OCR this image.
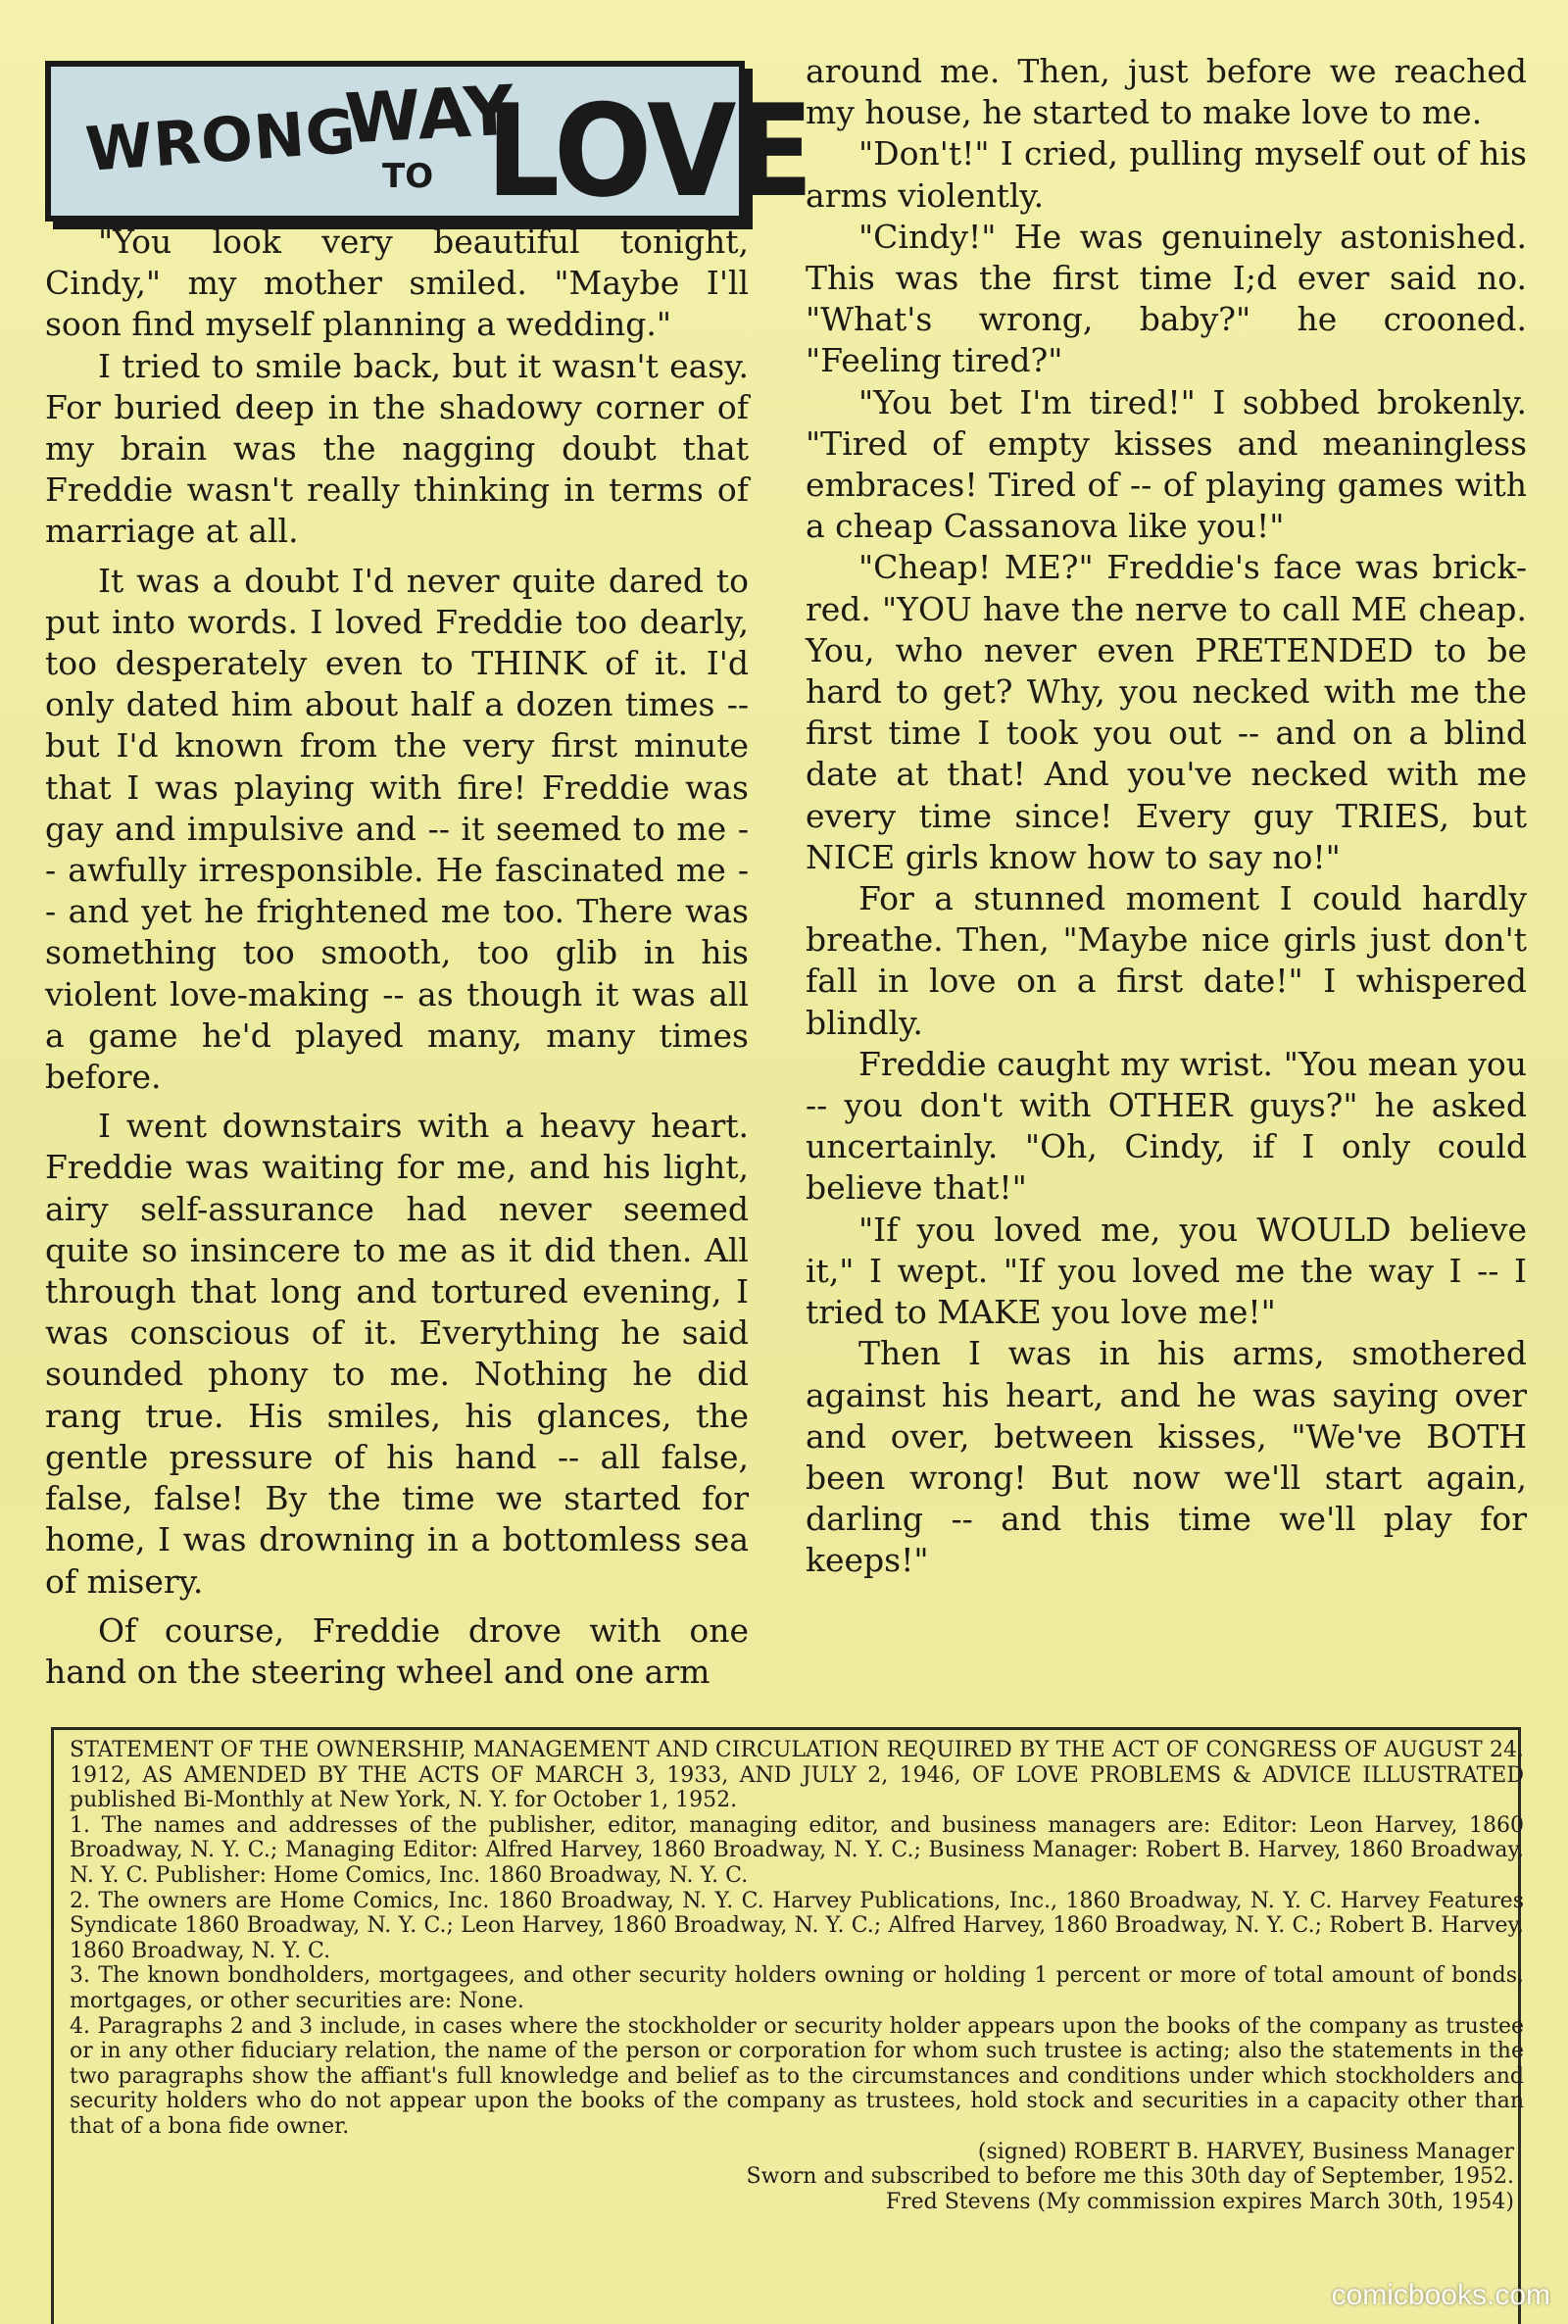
WRONG
WAY
TO LOVE

"You look very beautiful tonight, Cindy," my mother smiled. "Maybe I'll soon find myself planning a wedding."

I tried to smile back, but it wasn't easy. For buried deep in the shadowy corner of my brain was the nagging doubt that Freddie wasn't really thinking in terms of marriage at all.

It was a doubt I'd never quite dared to put into words. I loved Freddie too dearly, too desperately even to THINK of it. I'd only dated him about half a dozen times -- but I'd known from the very first minute that I was playing with fire! Freddie was gay and impulsive and -- it seemed to me -- awfully irresponsible. He fascinated me -- and yet he frightened me too. There was something too smooth, too glib in his violent love-making -- as though it was all a game he'd played many, many times before.

I went downstairs with a heavy heart. Freddie was waiting for me, and his light, airy self-assurance had never seemed quite so insincere to me as it did then. All through that long and tortured evening, I was conscious of it. Everything he said sounded phony to me. Nothing he did rang true. His smiles, his glances, the gentle pressure of his hand -- all false, false, false! By the time we started for home, I was drowning in a bottomless sea of misery.

Of course, Freddie drove with one hand on the steering wheel and one arm

around me. Then, just before we reached my house, he started to make love to me.

"Don't!" I cried, pulling myself out of his arms violently.

"Cindy!" He was genuinely astonished. This was the first time I;d ever said no. "What's wrong, baby?" he crooned. "Feeling tired?"

"You bet I'm tired!" I sobbed brokenly. "Tired of empty kisses and meaningless embraces! Tired of -- of playing games with a cheap Cassanova like you!"

"Cheap! ME?" Freddie's face was brick-red. "YOU have the nerve to call ME cheap. You, who never even PRETENDED to be hard to get? Why, you necked with me the first time I took you out -- and on a blind date at that! And you've necked with me every time since! Every guy TRIES, but NICE girls know how to say no!"

For a stunned moment I could hardly breathe. Then, "Maybe nice girls just don't fall in love on a first date!" I whispered blindly.

Freddie caught my wrist. "You mean you -- you don't with OTHER guys?" he asked uncertainly. "Oh, Cindy, if I only could believe that!"

"If you loved me, you WOULD believe it," I wept. "If you loved me the way I -- I tried to MAKE you love me!"

Then I was in his arms, smothered against his heart, and he was saying over and over, between kisses, "We've BOTH been wrong! But now we'll start again, darling -- and this time we'll play for keeps!"

STATEMENT OF THE OWNERSHIP, MANAGEMENT AND CIRCULATION REQUIRED BY THE ACT OF CONGRESS OF AUGUST 24, 1912, AS AMENDED BY THE ACTS OF MARCH 3, 1933, AND JULY 2, 1946, OF LOVE PROBLEMS & ADVICE ILLUSTRATED published Bi-Monthly at New York, N. Y. for October 1, 1952.

1. The names and addresses of the publisher, editor, managing editor, and business managers are: Editor: Leon Harvey, 1860 Broadway, N. Y. C.; Managing Editor: Alfred Harvey, 1860 Broadway, N. Y. C.; Business Manager: Robert B. Harvey, 1860 Broadway, N. Y. C. Publisher: Home Comics, Inc. 1860 Broadway, N. Y. C.

2. The owners are Home Comics, Inc. 1860 Broadway, N. Y. C. Harvey Publications, Inc., 1860 Broadway, N. Y. C. Harvey Features Syndicate 1860 Broadway, N. Y. C.; Leon Harvey, 1860 Broadway, N. Y. C.; Alfred Harvey, 1860 Broadway, N. Y. C.; Robert B. Harvey, 1860 Broadway, N. Y. C.

3. The known bondholders, mortgagees, and other security holders owning or holding 1 percent or more of total amount of bonds, mortgages, or other securities are: None.

4. Paragraphs 2 and 3 include, in cases where the stockholder or security holder appears upon the books of the company as trustee or in any other fiduciary relation, the name of the person or corporation for whom such trustee is acting; also the statements in the two paragraphs show the affiant's full knowledge and belief as to the circumstances and conditions under which stockholders and security holders who do not appear upon the books of the company as trustees, hold stock and securities in a capacity other than that of a bona fide owner.

(signed) ROBERT B. HARVEY, Business Manager

Sworn and subscribed to before me this 30th day of September, 1952.

Fred Stevens (My commission expires March 30th, 1954)

comicbooks.com
